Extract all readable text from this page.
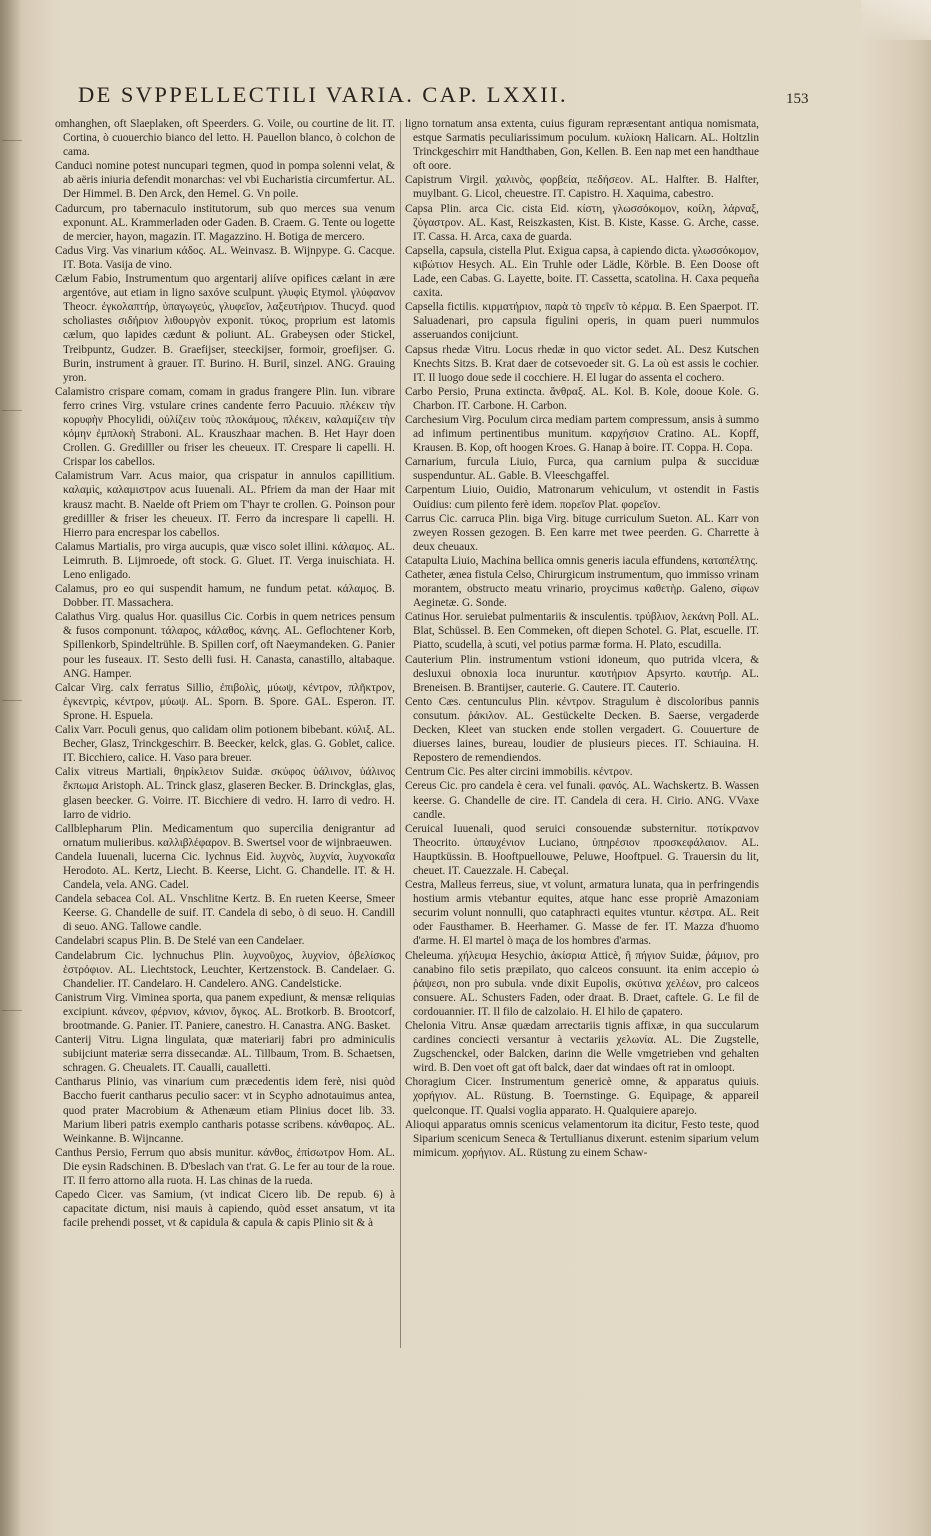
DE SVPPELLECTILI VARIA. CAP. LXXII.	153

omhanghen, oft Slaeplaken, oft Speerders. G. Voile, ou courtine de lit. IT. Cortina, ò cuouerchio bianco del letto. H. Pauellon blanco, ò colchon de cama.

Canduci nomine potest nuncupari tegmen, quod in pompa solenni velat, & ab aëris iniuria defendit monarchas: vel vbi Eucharistia circumfertur. AL. Der Himmel. B. Den Arck, den Hemel. G. Vn poile.

Cadurcum, pro tabernaculo institutorum, sub quo merces sua venum exponunt. AL. Krammerladen oder Gaden. B. Craem. G. Tente ou logette de mercier, hayon, magazin. IT. Magazzino. H. Botiga de mercero.

Cadus Virg. Vas vinarium κάδος. AL. Weinvasz. B. Wijnpype. G. Cacque. IT. Bota. Vasija de vino.

Cælum Fabio, Instrumentum quo argentarij aliíve opifices cælant in ære argentóve, aut etiam in ligno saxóve sculpunt. γλυφὶς Etymol. γλύφανον Theocr. ἐγκολαπτήρ, ὑπαγωγεύς, γλυφεῖον, λαξευτήριον. Thucyd. quod scholiastes σιδήριον λιθουργὸν exponit. τύκος, proprium est latomis cælum, quo lapides cædunt & poliunt. AL. Grabeysen oder Stickel, Treibpuntz, Gudzer. B. Graefijser, steeckijser, formoir, groefijser. G. Burin, instrument à grauer. IT. Burino. H. Buril, sinzel. ANG. Grauing yron.

Calamistro crispare comam, comam in gradus frangere Plin. Iun. vibrare ferro crines Virg. vstulare crines candente ferro Pacuuio. πλέκειν τὴν κορυφὴν Phocylidi, οὐλίζειν τοὺς πλοκάμους, πλέκειν, καλαμίζειν τὴν κόμην ἐμπλοκὴ Straboni. AL. Krauszhaar machen. B. Het Hayr doen Crollen. G. Gredilller ou friser les cheueux. IT. Crespare li capelli. H. Crispar los cabellos.

Calamistrum Varr. Acus maior, qua crispatur in annulos capillitium. καλαμὶς, καλαμιστρον acus Iuuenali. AL. Pfriem da man der Haar mit krausz macht. B. Naelde oft Priem om T'hayr te crollen. G. Poinson pour gredilller & friser les cheueux. IT. Ferro da increspare li capelli. H. Hierro para encrespar los cabellos.

Calamus Martialis, pro virga aucupis, quæ visco solet illini. κάλαμος. AL. Leimruth. B. Lijmroede, oft stock. G. Gluet. IT. Verga inuischiata. H. Leno enligado.

Calamus, pro eo qui suspendit hamum, ne fundum petat. κάλαμος. B. Dobber. IT. Massachera.

Calathus Virg. qualus Hor. quasillus Cic. Corbis in quem netrices pensum & fusos componunt. τάλαρος, κάλαθος, κάνης. AL. Geflochtener Korb, Spillenkorb, Spindeltrühle. B. Spillen corf, oft Naeymandeken. G. Panier pour les fuseaux. IT. Sesto delli fusi. H. Canasta, canastillo, altabaque. ANG. Hamper.

Calcar Virg. calx ferratus Sillio, ἐπιβολὶς, μύωψ, κέντρον, πλῆκτρον, ἐγκεντρὶς, κέντρον, μύωψ. AL. Sporn. B. Spore. GAL. Esperon. IT. Sprone. H. Espuela.

Calix Varr. Poculi genus, quo calidam olim potionem bibebant. κύλιξ. AL. Becher, Glasz, Trinckgeschirr. B. Beecker, kelck, glas. G. Goblet, calice. IT. Bicchiero, calice. H. Vaso para breuer.

Calix vitreus Martiali, θηρίκλειον Suidæ. σκύφος ὑάλινον, ὑάλινος ἔκπωμα Aristoph. AL. Trinck glasz, glaseren Becker. B. Drinckglas, glas, glasen beecker. G. Voirre. IT. Bicchiere di vedro. H. Iarro di vedro. H. Iarro de vidrio.

Callblepharum Plin. Medicamentum quo supercilia denigrantur ad ornatum mulieribus. καλλιβλέφαρον. B. Swertsel voor de wijnbraeuwen.

Candela Iuuenali, lucerna Cic. lychnus Eid. λυχνὸς, λυχνία, λυχνοκαΐα Herodoto. AL. Kertz, Liecht. B. Keerse, Licht. G. Chandelle. IT. & H. Candela, vela. ANG. Cadel.

Candela sebacea Col. AL. Vnschlitne Kertz. B. En rueten Keerse, Smeer Keerse. G. Chandelle de suif. IT. Candela di sebo, ò di seuo. H. Candill di seuo. ANG. Tallowe candle.

Candelabri scapus Plin. B. De Stelé van een Candelaer.

Candelabrum Cic. lychnuchus Plin. λυχνοῦχος, λυχνίον, ὀβελίσκος ἑστρόφιον. AL. Liechtstock, Leuchter, Kertzenstock. B. Candelaer. G. Chandelier. IT. Candelaro. H. Candelero. ANG. Candelsticke.

Canistrum Virg. Viminea sporta, qua panem expediunt, & mensæ reliquias excipiunt. κάνεον, φέρνιον, κάνιον, ὄγκος. AL. Brotkorb. B. Brootcorf, brootmande. G. Panier. IT. Paniere, canestro. H. Canastra. ANG. Basket.

Canterij Vitru. Ligna lingulata, quæ materiarij fabri pro adminiculis subijciunt materiæ serra dissecandæ. AL. Tillbaum, Trom. B. Schaetsen, schragen. G. Cheualets. IT. Caualli, caualletti.

Cantharus Plinio, vas vinarium cum præcedentis idem ferè, nisi quòd Baccho fuerit cantharus peculio sacer: vt in Scypho adnotauimus antea, quod prater Macrobium & Athenæum etiam Plinius docet lib. 33. Marium liberi patris exemplo cantharis potasse scribens. κάνθαρος. AL. Weinkanne. B. Wijncanne.

Canthus Persio, Ferrum quo absis munitur. κάνθος, ἐπίσωτρον Hom. AL. Die eysin Radschinen. B. D'beslach van t'rat. G. Le fer au tour de la roue. IT. Il ferro attorno alla ruota. H. Las chinas de la rueda.

Capedo Cicer. vas Samium, (vt indicat Cicero lib. De repub. 6) à capacitate dictum, nisi mauis à capiendo, quòd esset ansatum, vt ita facile prehendi posset, vt & capidula & capula & capis Plinio sit & à

ligno tornatum ansa extenta, cuius figuram repræsentant antiqua nomismata, estque Sarmatis peculiarissimum poculum. κυλίοκη Halicarn. AL. Holtzlin Trinckgeschirr mit Handthaben, Gon, Kellen. B. Een nap met een handthaue oft oore.

Capistrum Virgil. χαλινὸς, φορβεία, πεδήσεον. AL. Halfter. B. Halfter, muylbant. G. Licol, cheuestre. IT. Capistro. H. Xaquima, cabestro.

Capsa Plin. arca Cic. cista Eid. κίστη, γλωσσόκομον, κοίλη, λάρναξ, ζύγαστρον. AL. Kast, Reiszkasten, Kist. B. Kiste, Kasse. G. Arche, casse. IT. Cassa. H. Arca, caxa de guarda.

Capsella, capsula, cistella Plut. Exigua capsa, à capiendo dicta. γλωσσόκομον, κιβώτιον Hesych. AL. Ein Truhle oder Lädle, Körble. B. Een Doose oft Lade, een Cabas. G. Layette, boite. IT. Cassetta, scatolina. H. Caxa pequeña caxita.

Capsella fictilis. κιρματήριον, παρὰ τὸ τηρεῖν τὸ κέρμα. B. Een Spaerpot. IT. Saluadenari, pro capsula figulini operis, in quam pueri nummulos asseruandos conijciunt.

Capsus rhedæ Vitru. Locus rhedæ in quo victor sedet. AL. Desz Kutschen Knechts Sitzs. B. Krat daer de cotsevoeder sit. G. La où est assis le cochier. IT. Il luogo doue sede il cocchiere. H. El lugar do assenta el cochero.

Carbo Persio, Pruna extincta. ἄνθραξ. AL. Kol. B. Kole, dooue Kole. G. Charbon. IT. Carbone. H. Carbon.

Carchesium Virg. Poculum circa mediam partem compressum, ansis à summo ad infimum pertinentibus munitum. καρχήσιον Cratino. AL. Kopff, Krausen. B. Kop, oft hoogen Kroes. G. Hanap à boire. IT. Coppa. H. Copa.

Carnarium, furcula Liuio, Furca, qua carnium pulpa & succiduæ suspenduntur. AL. Gable. B. Vleeschgaffel.

Carpentum Liuio, Ouidio, Matronarum vehiculum, vt ostendit in Fastis Ouidius: cum pilento ferè idem. πορεῖον Plat. φορεῖον.

Carrus Cic. carruca Plin. biga Virg. bituge curriculum Sueton. AL. Karr von zweyen Rossen gezogen. B. Een karre met twee peerden. G. Charrette à deux cheuaux.

Catapulta Liuio, Machina bellica omnis generis iacula effundens, καταπέλτης.

Catheter, ænea fistula Celso, Chirurgicum instrumentum, quo immisso vrinam morantem, obstructo meatu vrinario, proycimus καθετὴρ. Galeno, σίφων Aeginetæ. G. Sonde.

Catinus Hor. seruiebat pulmentariis & insculentis. τρύβλιον, λεκάνη Poll. AL. Blat, Schüssel. B. Een Commeken, oft diepen Schotel. G. Plat, escuelle. IT. Piatto, scudella, à scuti, vel potius parmæ forma. H. Plato, escudilla.

Cauterium Plin. instrumentum vstioni idoneum, quo putrida vlcera, & desluxui obnoxia loca inuruntur. καυτήριον Apsyrto. καυτήρ. AL. Breneisen. B. Brantijser, cauterie. G. Cautere. IT. Cauterio.

Cento Cæs. centunculus Plin. κέντρον. Stragulum è discoloribus pannis consutum. ῥάκιλον. AL. Gestückelte Decken. B. Saerse, vergaderde Decken, Kleet van stucken ende stollen vergadert. G. Couuerture de diuerses laines, bureau, loudier de plusieurs pieces. IT. Schiauina. H. Repostero de remendiendos.

Centrum Cic. Pes alter circini immobilis. κέντρον.

Cereus Cic. pro candela è cera. vel funali. φανός. AL. Wachskertz. B. Wassen keerse. G. Chandelle de cire. IT. Candela di cera. H. Cirio. ANG. VVaxe candle.

Ceruical Iuuenali, quod seruici consouendæ substernitur. ποτίκρανον Theocrito. ὑπαυχένιον Luciano, ὑπηρέσιον προσκεφάλαιον. AL. Hauptküssin. B. Hooftpuellouwe, Peluwe, Hooftpuel. G. Trauersin du lit, cheuet. IT. Cauezzale. H. Cabeçal.

Cestra, Malleus ferreus, siue, vt volunt, armatura lunata, qua in perfringendis hostium armis vtebantur equites, atque hanc esse propriè Amazoniam securim volunt nonnulli, quo cataphracti equites vtuntur. κέστρα. AL. Reit oder Fausthamer. B. Heerhamer. G. Masse de fer. IT. Mazza d'huomo d'arme. H. El martel ò maça de los hombres d'armas.

Cheleuma. χήλευμα Hesychio, ἀκίσρια Atticè, ἢ πήγιον Suidæ, ῥάμιον, pro canabino filo setis præpilato, quo calceos consuunt. ita enim accepio ὡ ῥάψεσι, non pro subula. vnde dixit Eupolis, σκύτινα χελέων, pro calceos consuere. AL. Schusters Faden, oder draat. B. Draet, caftele. G. Le fil de cordouannier. IT. Il filo de calzolaio. H. El hilo de çapatero.

Chelonia Vitru. Ansæ quædam arrectariis tignis affixæ, in qua succularum cardines conciecti versantur à vectariis χελωνία. AL. Die Zugstelle, Zugschenckel, oder Balcken, darinn die Welle vmgetrieben vnd gehalten wird. B. Den voet oft gat oft balck, daer dat windaes oft rat in omloopt.

Choragium Cicer. Instrumentum genericè omne, & apparatus quiuis. χορήγιον. AL. Rüstung. B. Toernstinge. G. Equipage, & appareil quelconque. IT. Qualsi voglia apparato. H. Qualquiere aparejo.

Alioqui apparatus omnis scenicus velamentorum ita dicitur, Festo teste, quod Siparium scenicum Seneca & Tertullianus dixerunt. estenim siparium velum mimicum. χορήγιον. AL. Rüstung zu einem Schaw-
